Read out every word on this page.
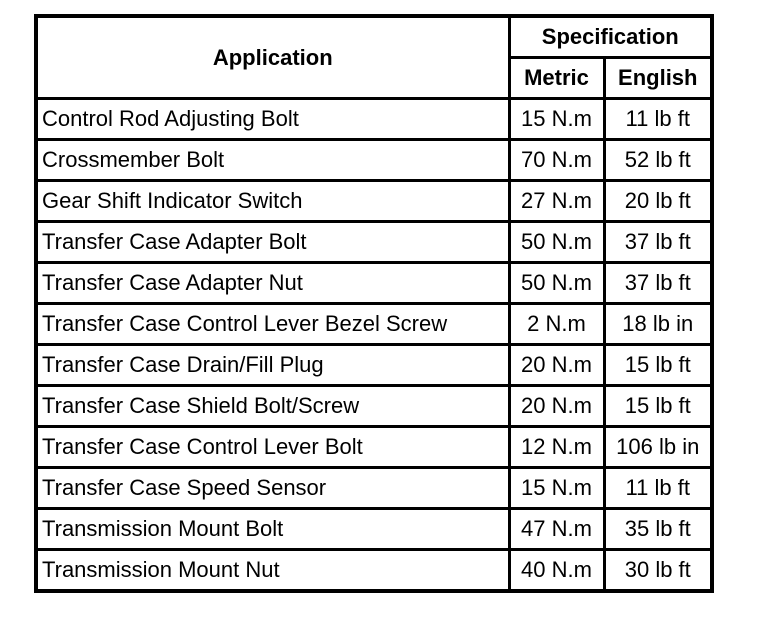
Application	Specification	
	Metric	English
Control Rod Adjusting Bolt	15 N.m	11 lb ft
Crossmember Bolt	70 N.m	52 lb ft
Gear Shift Indicator Switch	27 N.m	20 lb ft
Transfer Case Adapter Bolt	50 N.m	37 lb ft
Transfer Case Adapter Nut	50 N.m	37 lb ft
Transfer Case Control Lever Bezel Screw	2 N.m	18 lb in
Transfer Case Drain/Fill Plug	20 N.m	15 lb ft
Transfer Case Shield Bolt/Screw	20 N.m	15 lb ft
Transfer Case Control Lever Bolt	12 N.m	106 lb in
Transfer Case Speed Sensor	15 N.m	11 lb ft
Transmission Mount Bolt	47 N.m	35 lb ft
Transmission Mount Nut	40 N.m	30 lb ft
